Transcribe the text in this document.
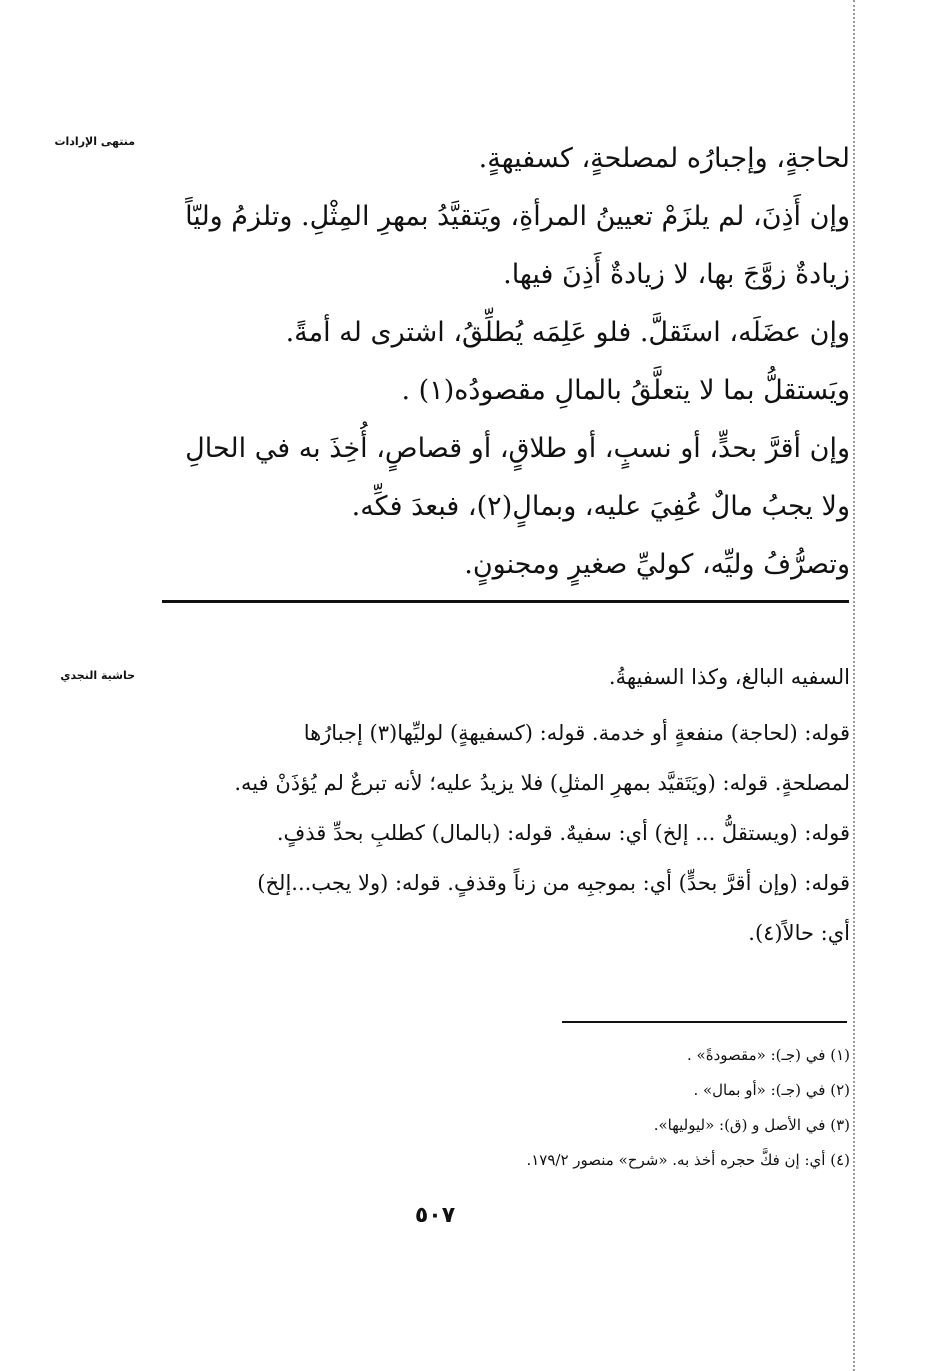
منتهى الإرادات
حاشية النجدي
لحاجةٍ، وإجبارُه لمصلحةٍ، كسفيهةٍ.
وإن أَذِنَ، لم يلزَمْ تعيينُ المرأةِ، ويَتقيَّدُ بمهرِ المِثْلِ. وتلزمُ وليّاً
زيادةٌ زوَّجَ بها، لا زيادةٌ أَذِنَ فيها.
وإن عضَلَه، استَقلَّ. فلو عَلِمَه يُطلِّقُ، اشترى له أمةً.
ويَستقلُّ بما لا يتعلَّقُ بالمالِ مقصودُه(١) .
وإن أقرَّ بحدٍّ، أو نسبٍ، أو طلاقٍ، أو قصاصٍ، أُخِذَ به في الحالِ
ولا يجبُ مالٌ عُفِيَ عليه، وبمالٍ(٢)، فبعدَ فكِّه.
وتصرُّفُ وليِّه، كوليِّ صغيرٍ ومجنونٍ.
السفيه البالغ، وكذا السفيهةُ.
قوله: (لحاجة) منفعةٍ أو خدمة. قوله: (كسفيهةٍ) لوليِّها(٣) إجبارُها
لمصلحةٍ. قوله: (ويَتَقيَّد بمهرِ المثلِ) فلا يزيدُ عليه؛ لأنه تبرعٌ لم يُؤذَنْ فيه.
قوله: (ويستقلُّ ... إلخ) أي: سفيهٌ. قوله: (بالمال) كطلبِ بحدِّ قذفٍ.
قوله: (وإن أقرَّ بحدٍّ) أي: بموجبِه من زناً وقذفٍ. قوله: (ولا يجب...إلخ)
أي: حالاً(٤).
(١) في (جـ): «مقصودةً» .
(٢) في (جـ): «أو بمال» .
(٣) في الأصل و (ق): «ليوليها».
(٤) أي: إن فكَّ حجره أخذ به. «شرح» منصور ١٧٩/٢.
٥٠٧
